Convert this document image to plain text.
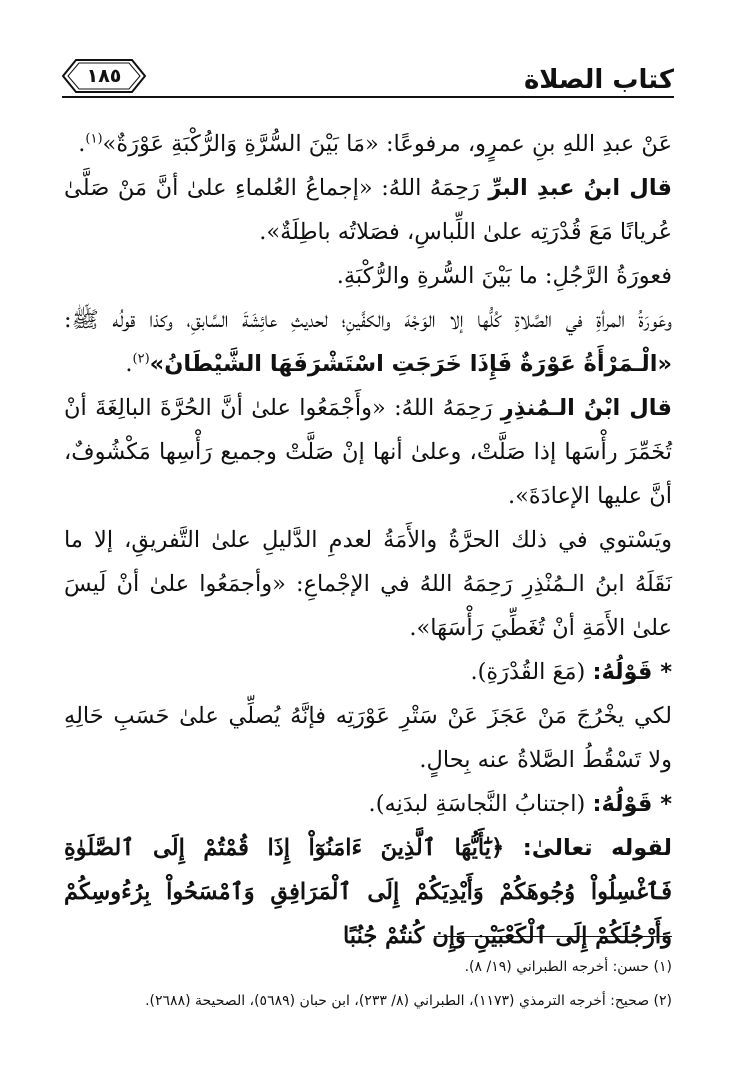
كتاب الصلاة
١٨٥

عَنْ عبدِ اللهِ بنِ عمرٍو، مرفوعًا: «مَا بَيْنَ السُّرَّةِ وَالرُّكْبَةِ عَوْرَةٌ»$^{(١)}$.

قال ابنُ عبدِ البرِّ رَحِمَهُ اللهُ: «إجماعُ العُلماءِ علىٰ أنَّ مَنْ صَلَّىٰ عُريانًا مَعَ قُدْرَتِه علىٰ اللِّباسِ، فصَلاتُه باطِلَةٌ».

فعورَةُ الرَّجُلِ: ما بَيْنَ السُّرةِ والرُّكْبَةِ.

وعَورَةُ المرأةِ في الصَّلاةِ كُلُّها إلا الوَجْهَ والكفَّينِ؛ لحديثِ عائِشَةَ السَّابقِ، وكذا قولُه ﷺ: «الْـمَرْأَةُ عَوْرَةٌ فَإِذَا خَرَجَتِ اسْتَشْرَفَهَا الشَّيْطَانُ»$^{(٢)}$.

قال ابْنُ الـمُنذِرِ رَحِمَهُ اللهُ: «وأَجْمَعُوا علىٰ أنَّ الحُرَّةَ البالِغَةَ أنْ تُخَمِّرَ رأْسَها إذا صَلَّتْ، وعلىٰ أنها إنْ صَلَّتْ وجميع رَأْسِها مَكْشُوفٌ، أنَّ عليها الإعادَةَ».

ويَسْتوي في ذلك الحرَّةُ والأَمَةُ لعدمِ الدَّليلِ علىٰ التَّفريقِ، إلا ما نَقَلَهُ ابنُ الـمُنْذِرِ رَحِمَهُ اللهُ في الإجْماعِ: «وأجمَعُوا علىٰ أنْ لَيسَ علىٰ الأَمَةِ أنْ تُغَطِّيَ رَأْسَهَا».

* قَوْلُهُ: (مَعَ القُدْرَةِ).

لكي يخْرُجَ مَنْ عَجَزَ عَنْ سَتْرِ عَوْرَتِه فإنَّهُ يُصلِّي علىٰ حَسَبِ حَالِهِ ولا تَسْقُطُ الصَّلاةُ عنه بِحالٍ.

* قَوْلُهُ: (اجتنابُ النَّجاسَةِ لبدَنِه).

لقوله تعالىٰ: ﴿يَٰٓأَيُّهَا ٱلَّذِينَ ءَامَنُوٓاْ إِذَا قُمْتُمْ إِلَى ٱلصَّلَوٰةِ فَٱغْسِلُواْ وُجُوهَكُمْ وَأَيْدِيَكُمْ إِلَى ٱلْمَرَافِقِ وَٱمْسَحُواْ بِرُءُوسِكُمْ وَأَرْجُلَكُمْ إِلَى ٱلْكَعْبَيْنِ وَإِن كُنتُمْ جُنُبًا

(١) حسن: أخرجه الطبراني (١٩/ ٨).

(٢) صحيح: أخرجه الترمذي (١١٧٣)، الطبراني (٨/ ٢٣٣)، ابن حبان (٥٦٨٩)، الصحيحة (٢٦٨٨).
